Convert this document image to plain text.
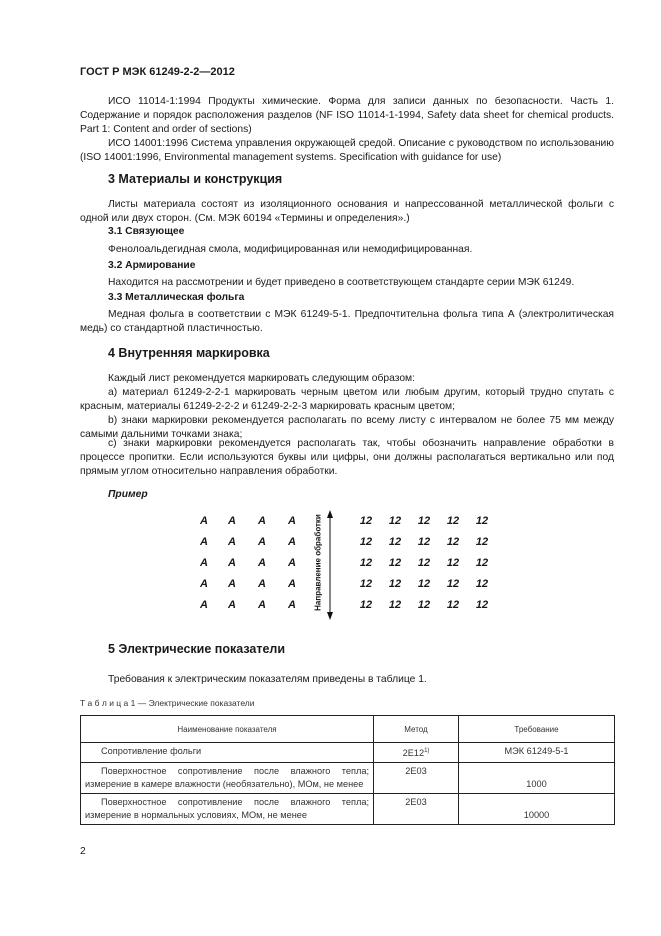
ГОСТ Р МЭК 61249-2-2—2012
ИСО 11014-1:1994 Продукты химические. Форма для записи данных по безопасности. Часть 1. Содержание и порядок расположения разделов (NF ISO 11014-1-1994, Safety data sheet for chemical products. Part 1: Content and order of sections)
ИСО 14001:1996 Система управления окружающей средой. Описание с руководством по использованию (ISO 14001:1996, Environmental management systems. Specification with guidance for use)
3 Материалы и конструкция
Листы материала состоят из изоляционного основания и напрессованной металлической фольги с одной или двух сторон. (См. МЭК 60194 «Термины и определения».)
3.1 Связующее
Фенолоальдегидная смола, модифицированная или немодифицированная.
3.2 Армирование
Находится на рассмотрении и будет приведено в соответствующем стандарте серии МЭК 61249.
3.3 Металлическая фольга
Медная фольга в соответствии с МЭК 61249-5-1. Предпочтительна фольга типа А (электролитическая медь) со стандартной пластичностью.
4 Внутренняя маркировка
Каждый лист рекомендуется маркировать следующим образом:
а) материал 61249-2-2-1 маркировать черным цветом или любым другим, который трудно спутать с красным, материалы 61249-2-2-2 и 61249-2-2-3 маркировать красным цветом;
b) знаки маркировки рекомендуется располагать по всему листу с интервалом не более 75 мм между самыми дальними точками знака;
c) знаки маркировки рекомендуется располагать так, чтобы обозначить направление обработки в процессе пропитки. Если используются буквы или цифры, они должны располагаться вертикально или под прямым углом относительно направления обработки.
Пример
A	A	A	A	12	12	12	12	12
A	A	A	A	12	12	12	12	12
A	A	A	A	12	12	12	12	12
A	A	A	A	12	12	12	12	12
A	A	A	A	12	12	12	12	12
Направление обработки
5 Электрические показатели
Требования к электрическим показателям приведены в таблице 1.
Т а б л и ц а 1 — Электрические показатели
Наименование показателя	Метод	Требование
Сопротивление фольги	2E12$^{1)}$	МЭК 61249-5-1
Поверхностное сопротивление после влажного тепла; измерение в камере влажности (необязательно), МОм, не менее	2E03	1000
Поверхностное сопротивление после влажного тепла; измерение в нормальных условиях, МОм, не менее	2E03	10000
2
